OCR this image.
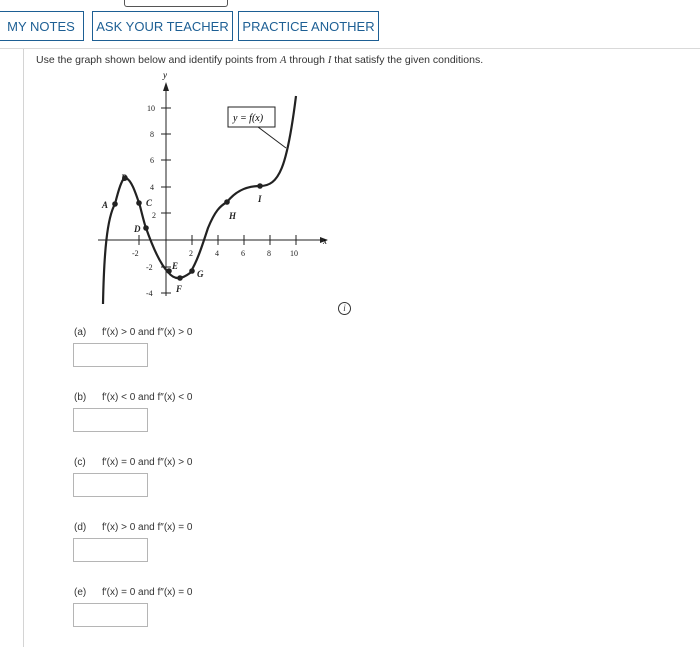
MY NOTES	ASK YOUR TEACHER	PRACTICE ANOTHER
Use the graph shown below and identify points from A through I that satisfy the given conditions.
y
x
10
8
6
4
2
-2
-4
-2	2	4	6	8 10
A
B
C
D
E
F
G
H
I
y = f(x)
i
(a) f′(x) > 0 and f″(x) > 0
(b) f′(x) < 0 and f″(x) < 0
(c) f′(x) = 0 and f″(x) > 0
(d) f′(x) > 0 and f″(x) = 0
(e) f′(x) = 0 and f″(x) = 0
